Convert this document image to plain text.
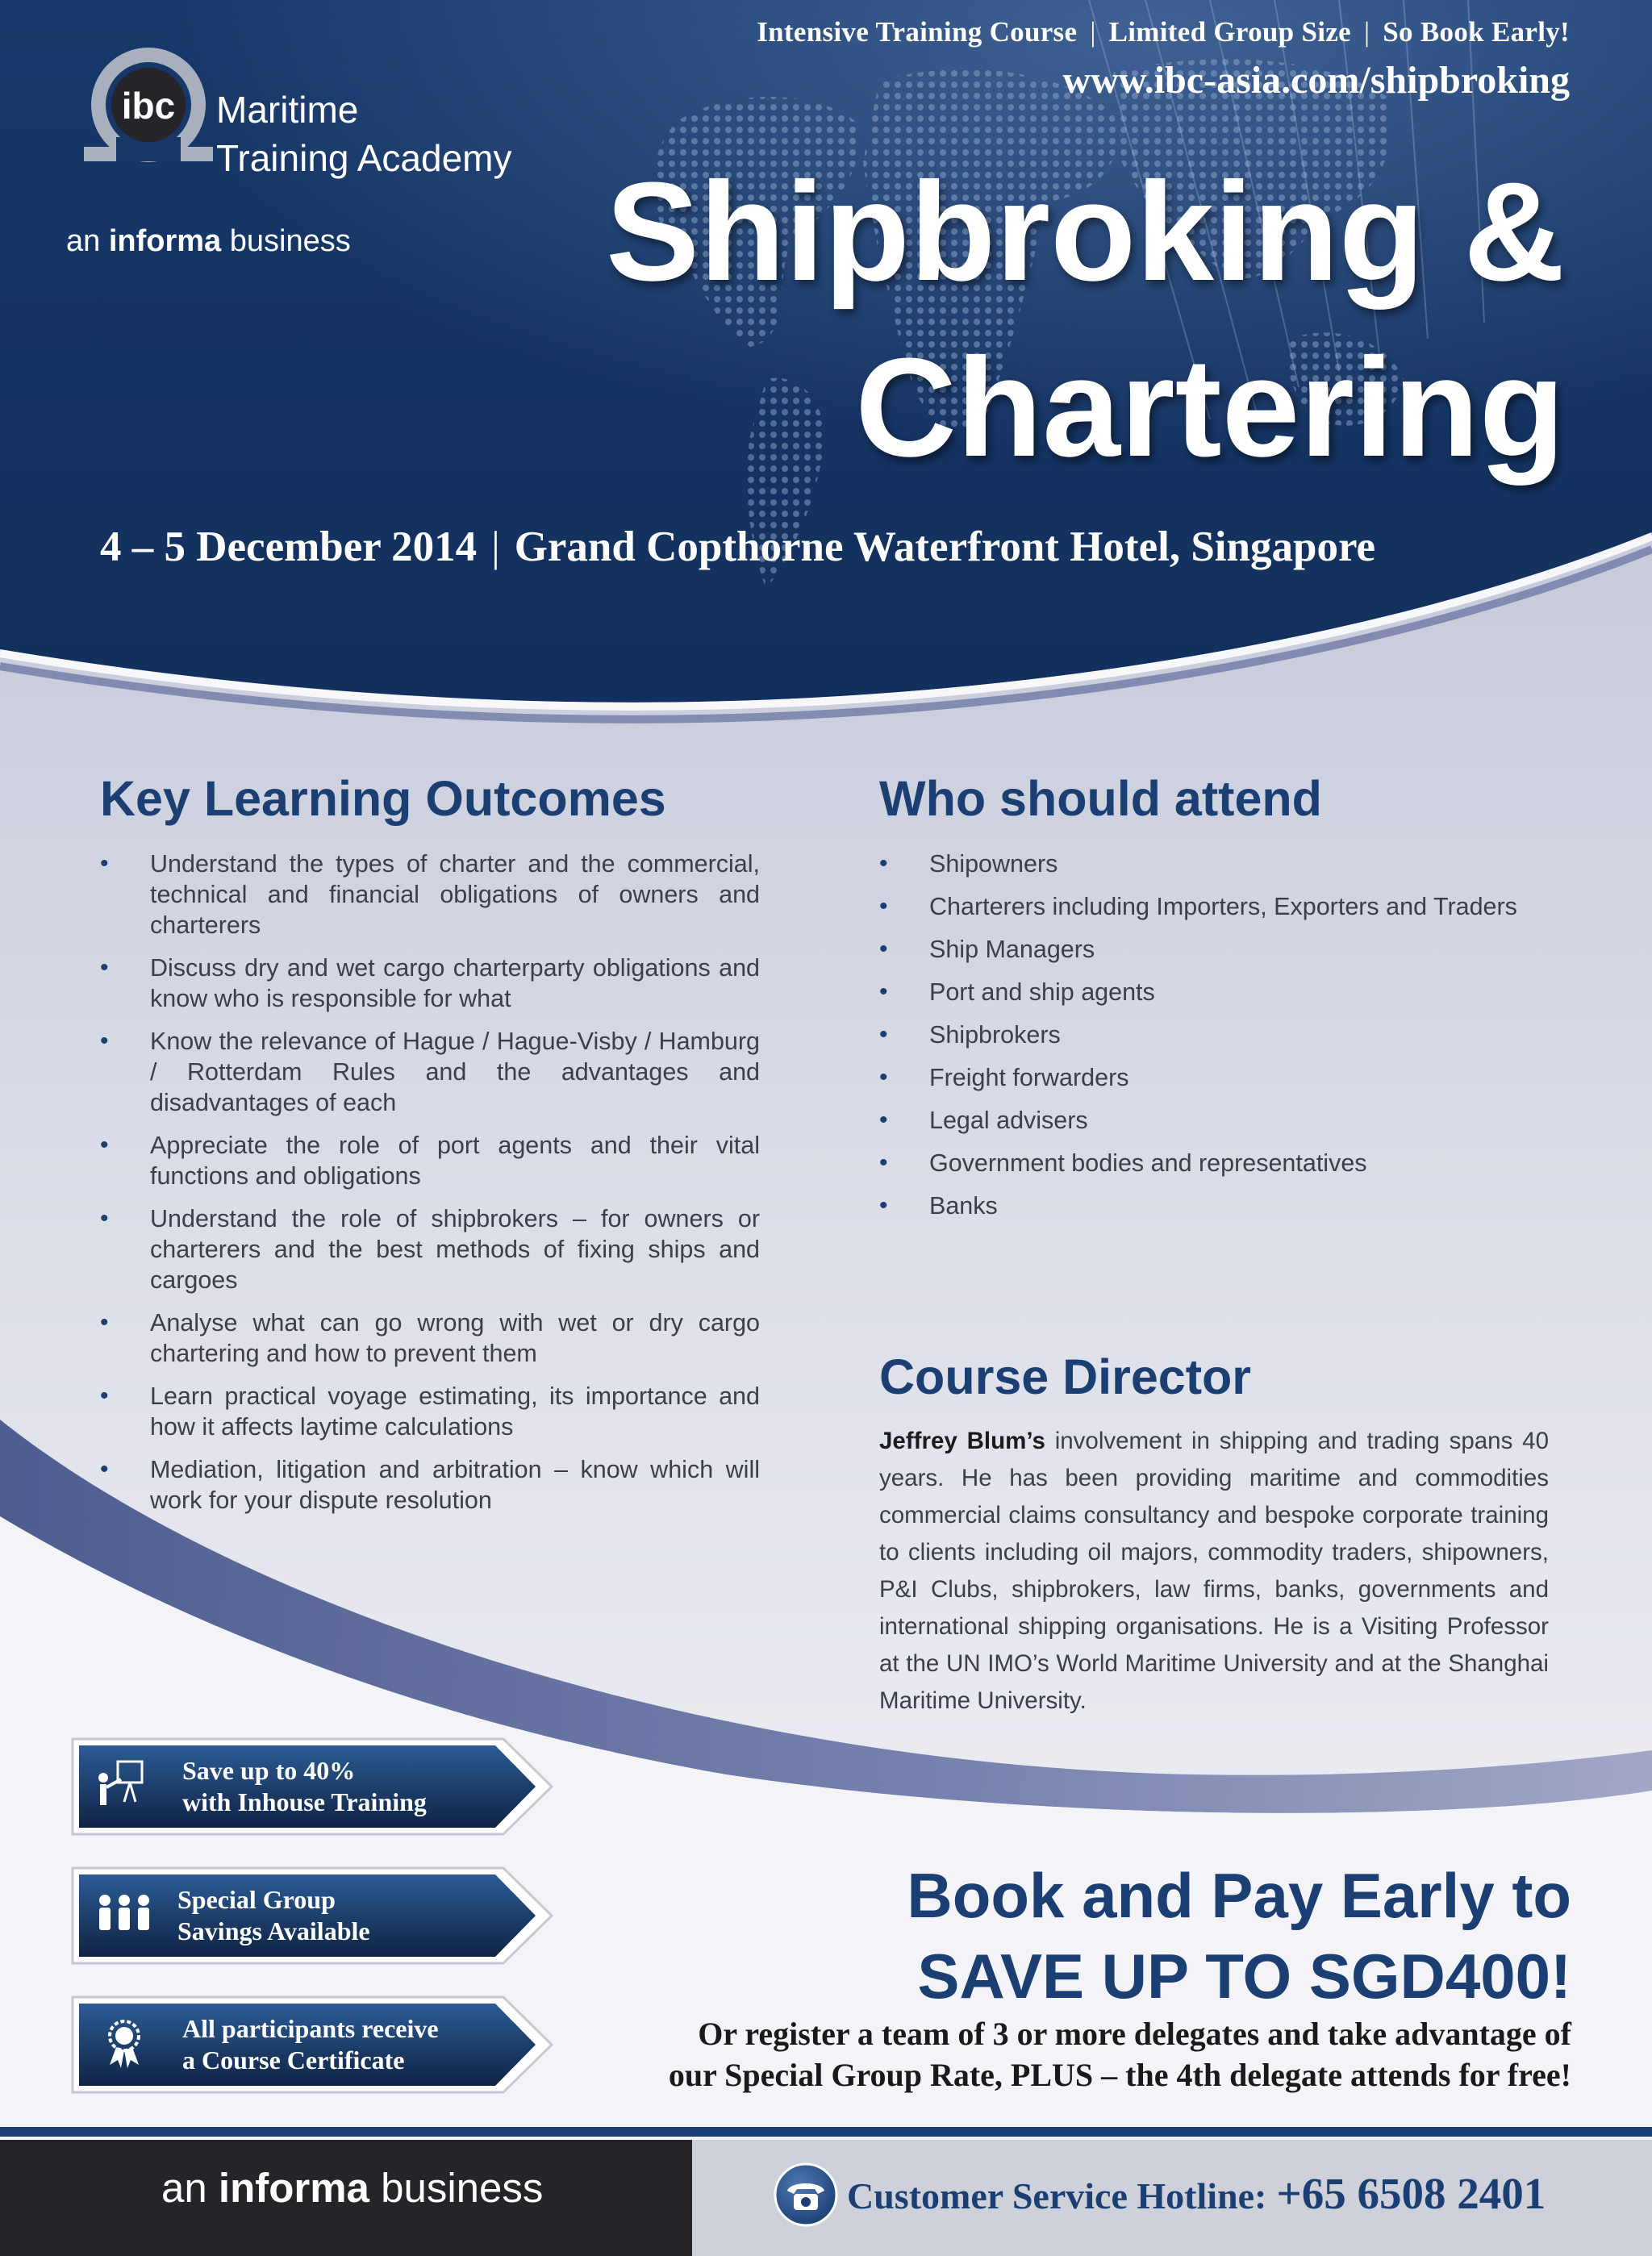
Intensive Training Course | Limited Group Size | So Book Early!
www.ibc-asia.com/shipbroking
ibc Maritime
Training Academy
an informa business	Shipbroking &
Chartering
4 – 5 December 2014 | Grand Copthorne Waterfront Hotel, Singapore
Key Learning Outcomes
• Understand the types of charter and the commercial, technical and financial obligations of owners and charterers
• Discuss dry and wet cargo charterparty obligations and know who is responsible for what
• Know the relevance of Hague / Hague-Visby / Hamburg / Rotterdam Rules and the advantages and disadvantages of each
• Appreciate the role of port agents and their vital functions and obligations
• Understand the role of shipbrokers – for owners or charterers and the best methods of fixing ships and cargoes
• Analyse what can go wrong with wet or dry cargo chartering and how to prevent them
• Learn practical voyage estimating, its importance and how it affects laytime calculations
• Mediation, litigation and arbitration – know which will work for your dispute resolution
Who should attend
• Shipowners
• Charterers including Importers, Exporters and Traders
• Ship Managers
• Port and ship agents
• Shipbrokers
• Freight forwarders
• Legal advisers
• Government bodies and representatives
• Banks
Course Director
Jeffrey Blum’s involvement in shipping and trading spans 40 years. He has been providing maritime and commodities commercial claims consultancy and bespoke corporate training to clients including oil majors, commodity traders, shipowners, P&I Clubs, shipbrokers, law firms, banks, governments and international shipping organisations. He is a Visiting Professor at the UN IMO’s World Maritime University and at the Shanghai Maritime University.
Save up to 40%
with Inhouse Training
Special Group
Savings Available
All participants receive
a Course Certificate
Book and Pay Early to
SAVE UP TO SGD400!
Or register a team of 3 or more delegates and take advantage of
our Special Group Rate, PLUS – the 4th delegate attends for free!
an informa business	Customer Service Hotline: +65 6508 2401
